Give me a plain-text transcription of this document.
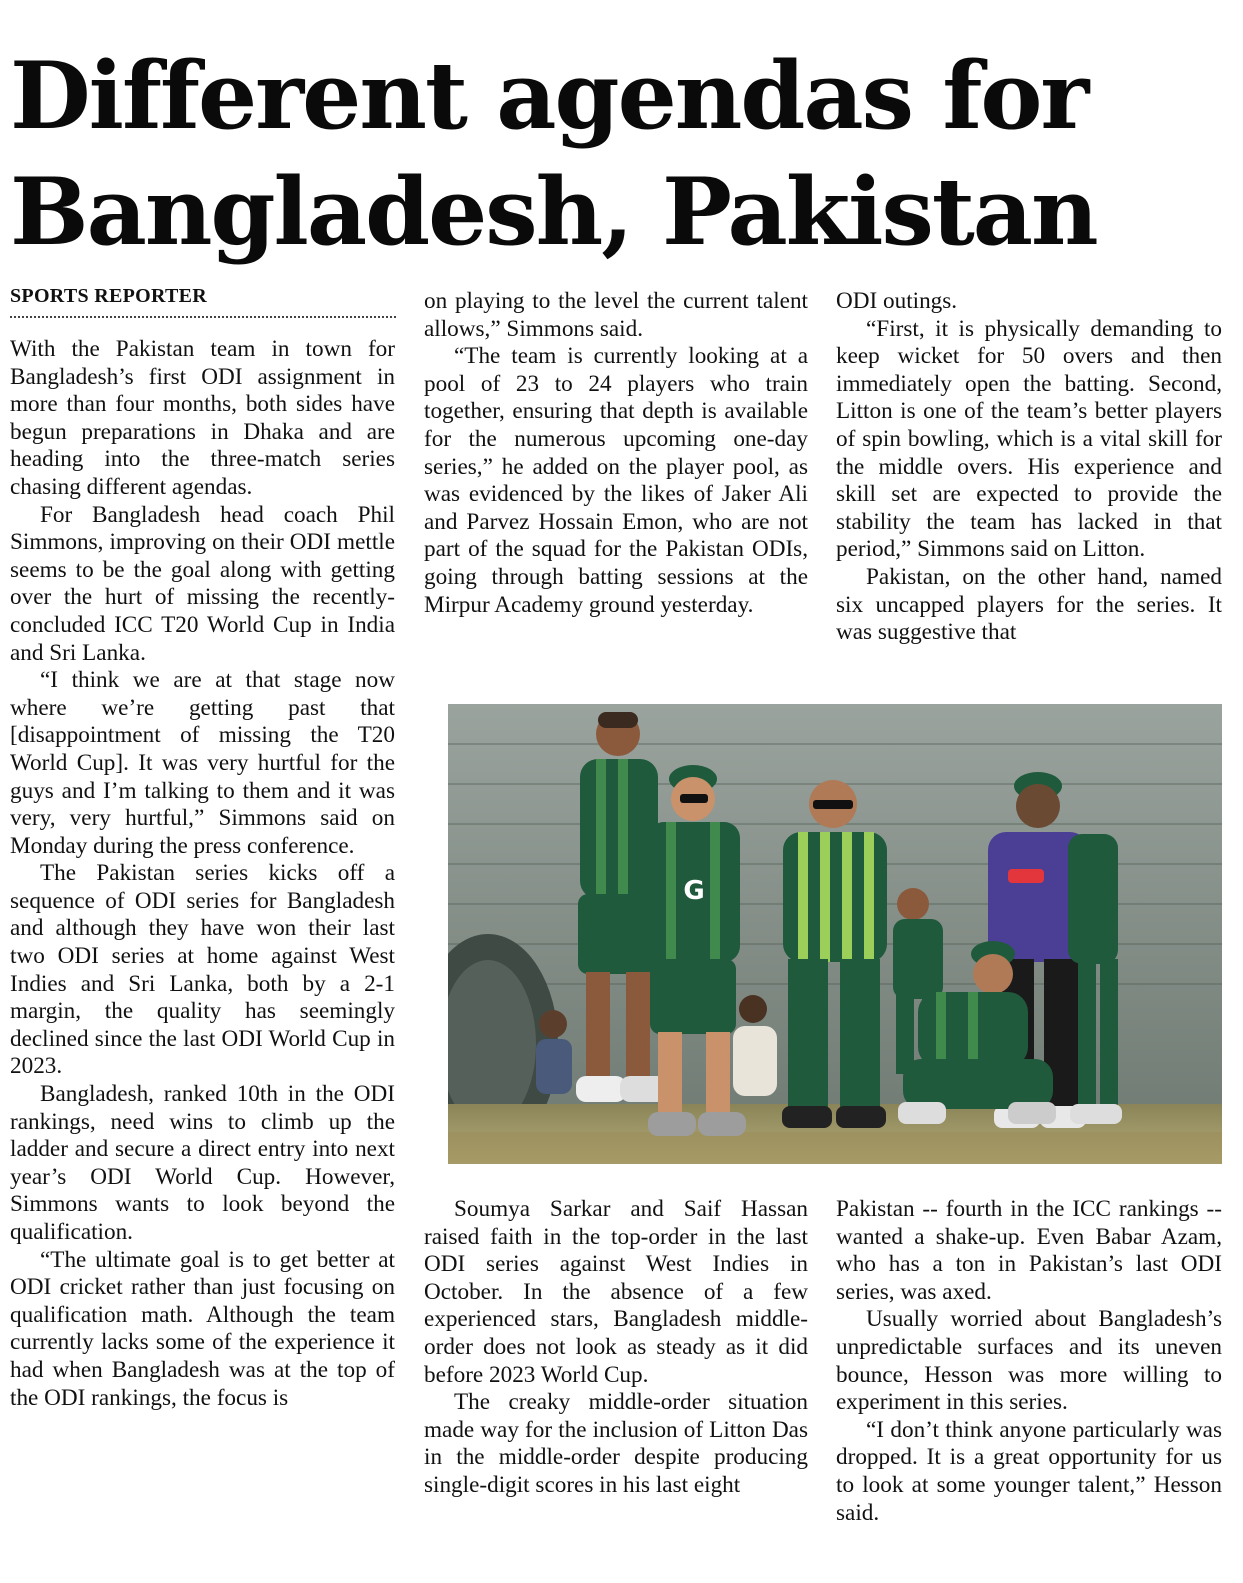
Different agendas for Bangladesh, Pakistan
SPORTS REPORTER

With the Pakistan team in town for Bangladesh’s first ODI assignment in more than four months, both sides have begun preparations in Dhaka and are heading into the three-match series chasing different agendas.

For Bangladesh head coach Phil Simmons, improving on their ODI mettle seems to be the goal along with getting over the hurt of missing the recently-concluded ICC T20 World Cup in India and Sri Lanka.

“I think we are at that stage now where we’re getting past that [disappointment of missing the T20 World Cup]. It was very hurtful for the guys and I’m talking to them and it was very, very hurtful,” Simmons said on Monday during the press conference.

The Pakistan series kicks off a sequence of ODI series for Bangladesh and although they have won their last two ODI series at home against West Indies and Sri Lanka, both by a 2-1 margin, the quality has seemingly declined since the last ODI World Cup in 2023.

Bangladesh, ranked 10th in the ODI rankings, need wins to climb up the ladder and secure a direct entry into next year’s ODI World Cup. However, Simmons wants to look beyond the qualification.

“The ultimate goal is to get better at ODI cricket rather than just focusing on qualification math. Although the team currently lacks some of the experience it had when Bangladesh was at the top of the ODI rankings, the focus is

on playing to the level the current talent allows,” Simmons said.

“The team is currently looking at a pool of 23 to 24 players who train together, ensuring that depth is available for the numerous upcoming one-day series,” he added on the player pool, as was evidenced by the likes of Jaker Ali and Parvez Hossain Emon, who are not part of the squad for the Pakistan ODIs, going through batting sessions at the Mirpur Academy ground yesterday.

ODI outings.

“First, it is physically demanding to keep wicket for 50 overs and then immediately open the batting. Second, Litton is one of the team’s better players of spin bowling, which is a vital skill for the middle overs. His experience and skill set are expected to provide the stability the team has lacked in that period,” Simmons said on Litton.

Pakistan, on the other hand, named six uncapped players for the series. It was suggestive that

G

Soumya Sarkar and Saif Hassan raised faith in the top-order in the last ODI series against West Indies in October. In the absence of a few experienced stars, Bangladesh middle-order does not look as steady as it did before 2023 World Cup.

The creaky middle-order situation made way for the inclusion of Litton Das in the middle-order despite producing single-digit scores in his last eight

Pakistan -- fourth in the ICC rankings -- wanted a shake-up. Even Babar Azam, who has a ton in Pakistan’s last ODI series, was axed.

Usually worried about Bangladesh’s unpredictable surfaces and its uneven bounce, Hesson was more willing to experiment in this series.

“I don’t think anyone particularly was dropped. It is a great opportunity for us to look at some younger talent,” Hesson said.
